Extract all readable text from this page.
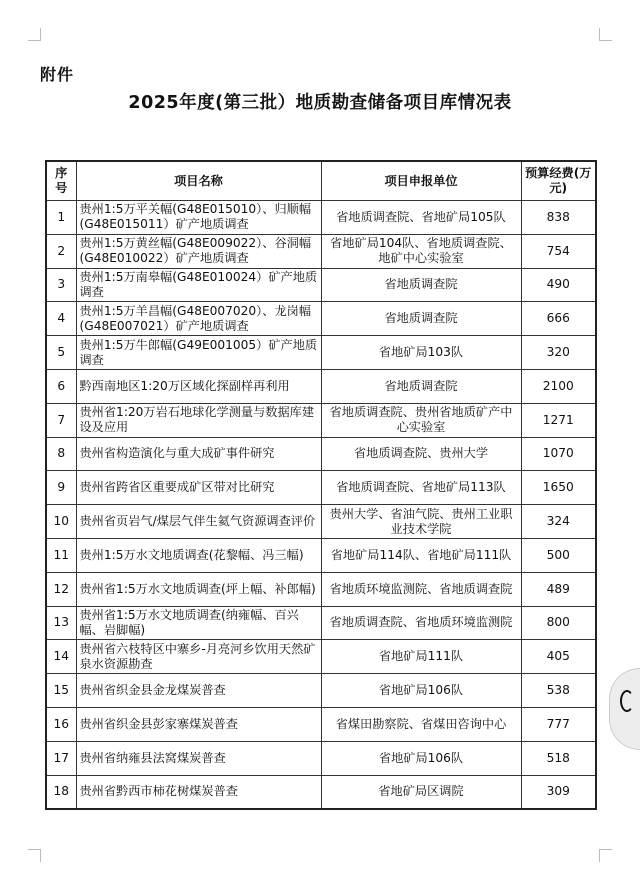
附件
2025年度(第三批）地质勘查储备项目库情况表
序号	项目名称	项目申报单位	预算经费(万元)
1	贵州1:5万平关幅(G48E015010）、归顺幅(G48E015011）矿产地质调查	省地质调查院、省地矿局105队	838
2	贵州1:5万黄丝幅(G48E009022）、谷洞幅(G48E010022）矿产地质调查	省地矿局104队、省地质调查院、地矿中心实验室	754
3	贵州1:5万南皋幅(G48E010024）矿产地质调查	省地质调查院	490
4	贵州1:5万羊昌幅(G48E007020）、龙岗幅(G48E007021）矿产地质调查	省地质调查院	666
5	贵州1:5万牛郎幅(G49E001005）矿产地质调查	省地矿局103队	320
6	黔西南地区1:20万区域化探副样再利用	省地质调查院	2100
7	贵州省1:20万岩石地球化学测量与数据库建设及应用	省地质调查院、贵州省地质矿产中心实验室	1271
8	贵州省构造演化与重大成矿事件研究	省地质调查院、贵州大学	1070
9	贵州省跨省区重要成矿区带对比研究	省地质调查院、省地矿局113队	1650
10	贵州省页岩气/煤层气伴生氦气资源调查评价	贵州大学、省油气院、贵州工业职业技术学院	324
11	贵州1:5万水文地质调查(花黎幅、冯三幅)	省地矿局114队、省地矿局111队	500
12	贵州省1:5万水文地质调查(坪上幅、补郎幅)	省地质环境监测院、省地质调查院	489
13	贵州省1:5万水文地质调查(纳雍幅、百兴幅、岩脚幅)	省地质调查院、省地质环境监测院	800
14	贵州省六枝特区中寨乡-月亮河乡饮用天然矿泉水资源勘查	省地矿局111队	405
15	贵州省织金县金龙煤炭普查	省地矿局106队	538
16	贵州省织金县彭家寨煤炭普查	省煤田勘察院、省煤田咨询中心	777
17	贵州省纳雍县法窝煤炭普查	省地矿局106队	518
18	贵州省黔西市柿花树煤炭普查	省地矿局区调院	309
